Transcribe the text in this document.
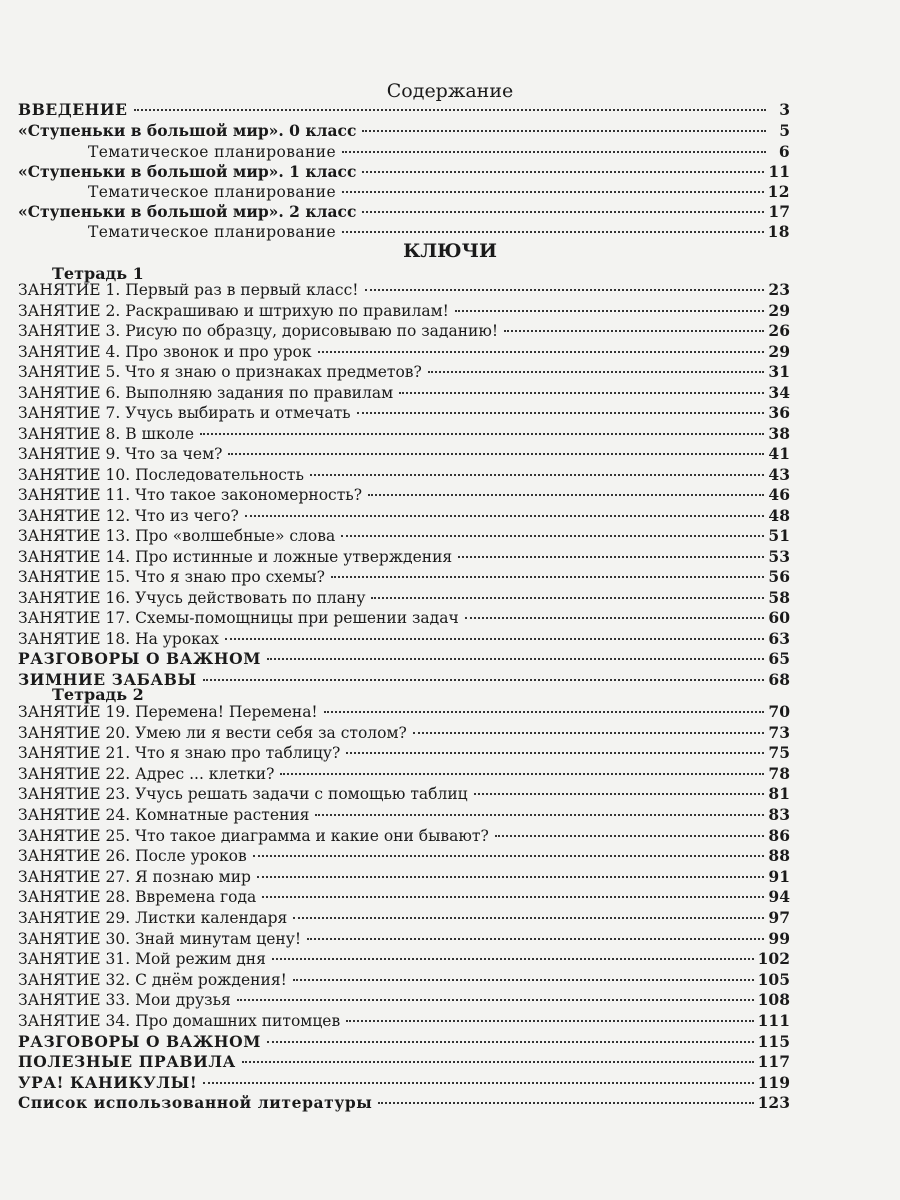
Содержание
ВВЕДЕНИЕ	3
«Ступеньки в большой мир». 0 класс	5
Тематическое планирование	6
«Ступеньки в большой мир». 1 класс	11
Тематическое планирование	12
«Ступеньки в большой мир». 2 класс	17
Тематическое планирование	18
КЛЮЧИ
Тетрадь 1
ЗАНЯТИЕ 1. Первый раз в первый класс!	23
ЗАНЯТИЕ 2. Раскрашиваю и штрихую по правилам!	29
ЗАНЯТИЕ 3. Рисую по образцу, дорисовываю по заданию!	26
ЗАНЯТИЕ 4. Про звонок и про урок	29
ЗАНЯТИЕ 5. Что я знаю о признаках предметов?	31
ЗАНЯТИЕ 6. Выполняю задания по правилам	34
ЗАНЯТИЕ 7. Учусь выбирать и отмечать	36
ЗАНЯТИЕ 8. В школе	38
ЗАНЯТИЕ 9. Что за чем?	41
ЗАНЯТИЕ 10. Последовательность	43
ЗАНЯТИЕ 11. Что такое закономерность?	46
ЗАНЯТИЕ 12. Что из чего?	48
ЗАНЯТИЕ 13. Про «волшебные» слова	51
ЗАНЯТИЕ 14. Про истинные и ложные утверждения	53
ЗАНЯТИЕ 15. Что я знаю про схемы?	56
ЗАНЯТИЕ 16. Учусь действовать по плану	58
ЗАНЯТИЕ 17. Схемы-помощницы при решении задач	60
ЗАНЯТИЕ 18. На уроках	63
РАЗГОВОРЫ О ВАЖНОМ	65
ЗИМНИЕ ЗАБАВЫ	68
Тетрадь 2
ЗАНЯТИЕ 19. Перемена! Перемена!	70
ЗАНЯТИЕ 20. Умею ли я вести себя за столом?	73
ЗАНЯТИЕ 21. Что я знаю про таблицу?	75
ЗАНЯТИЕ 22. Адрес ... клетки?	78
ЗАНЯТИЕ 23. Учусь решать задачи с помощью таблиц	81
ЗАНЯТИЕ 24. Комнатные растения	83
ЗАНЯТИЕ 25. Что такое диаграмма и какие они бывают?	86
ЗАНЯТИЕ 26. После уроков	88
ЗАНЯТИЕ 27. Я познаю мир	91
ЗАНЯТИЕ 28. Ввремена года	94
ЗАНЯТИЕ 29. Листки календаря	97
ЗАНЯТИЕ 30. Знай минутам цену!	99
ЗАНЯТИЕ 31. Мой режим дня	102
ЗАНЯТИЕ 32. С днём рождения!	105
ЗАНЯТИЕ 33. Мои друзья	108
ЗАНЯТИЕ 34. Про домашних питомцев	111
РАЗГОВОРЫ О ВАЖНОМ	115
ПОЛЕЗНЫЕ ПРАВИЛА	117
УРА! КАНИКУЛЫ!	119
Список использованной литературы	123
